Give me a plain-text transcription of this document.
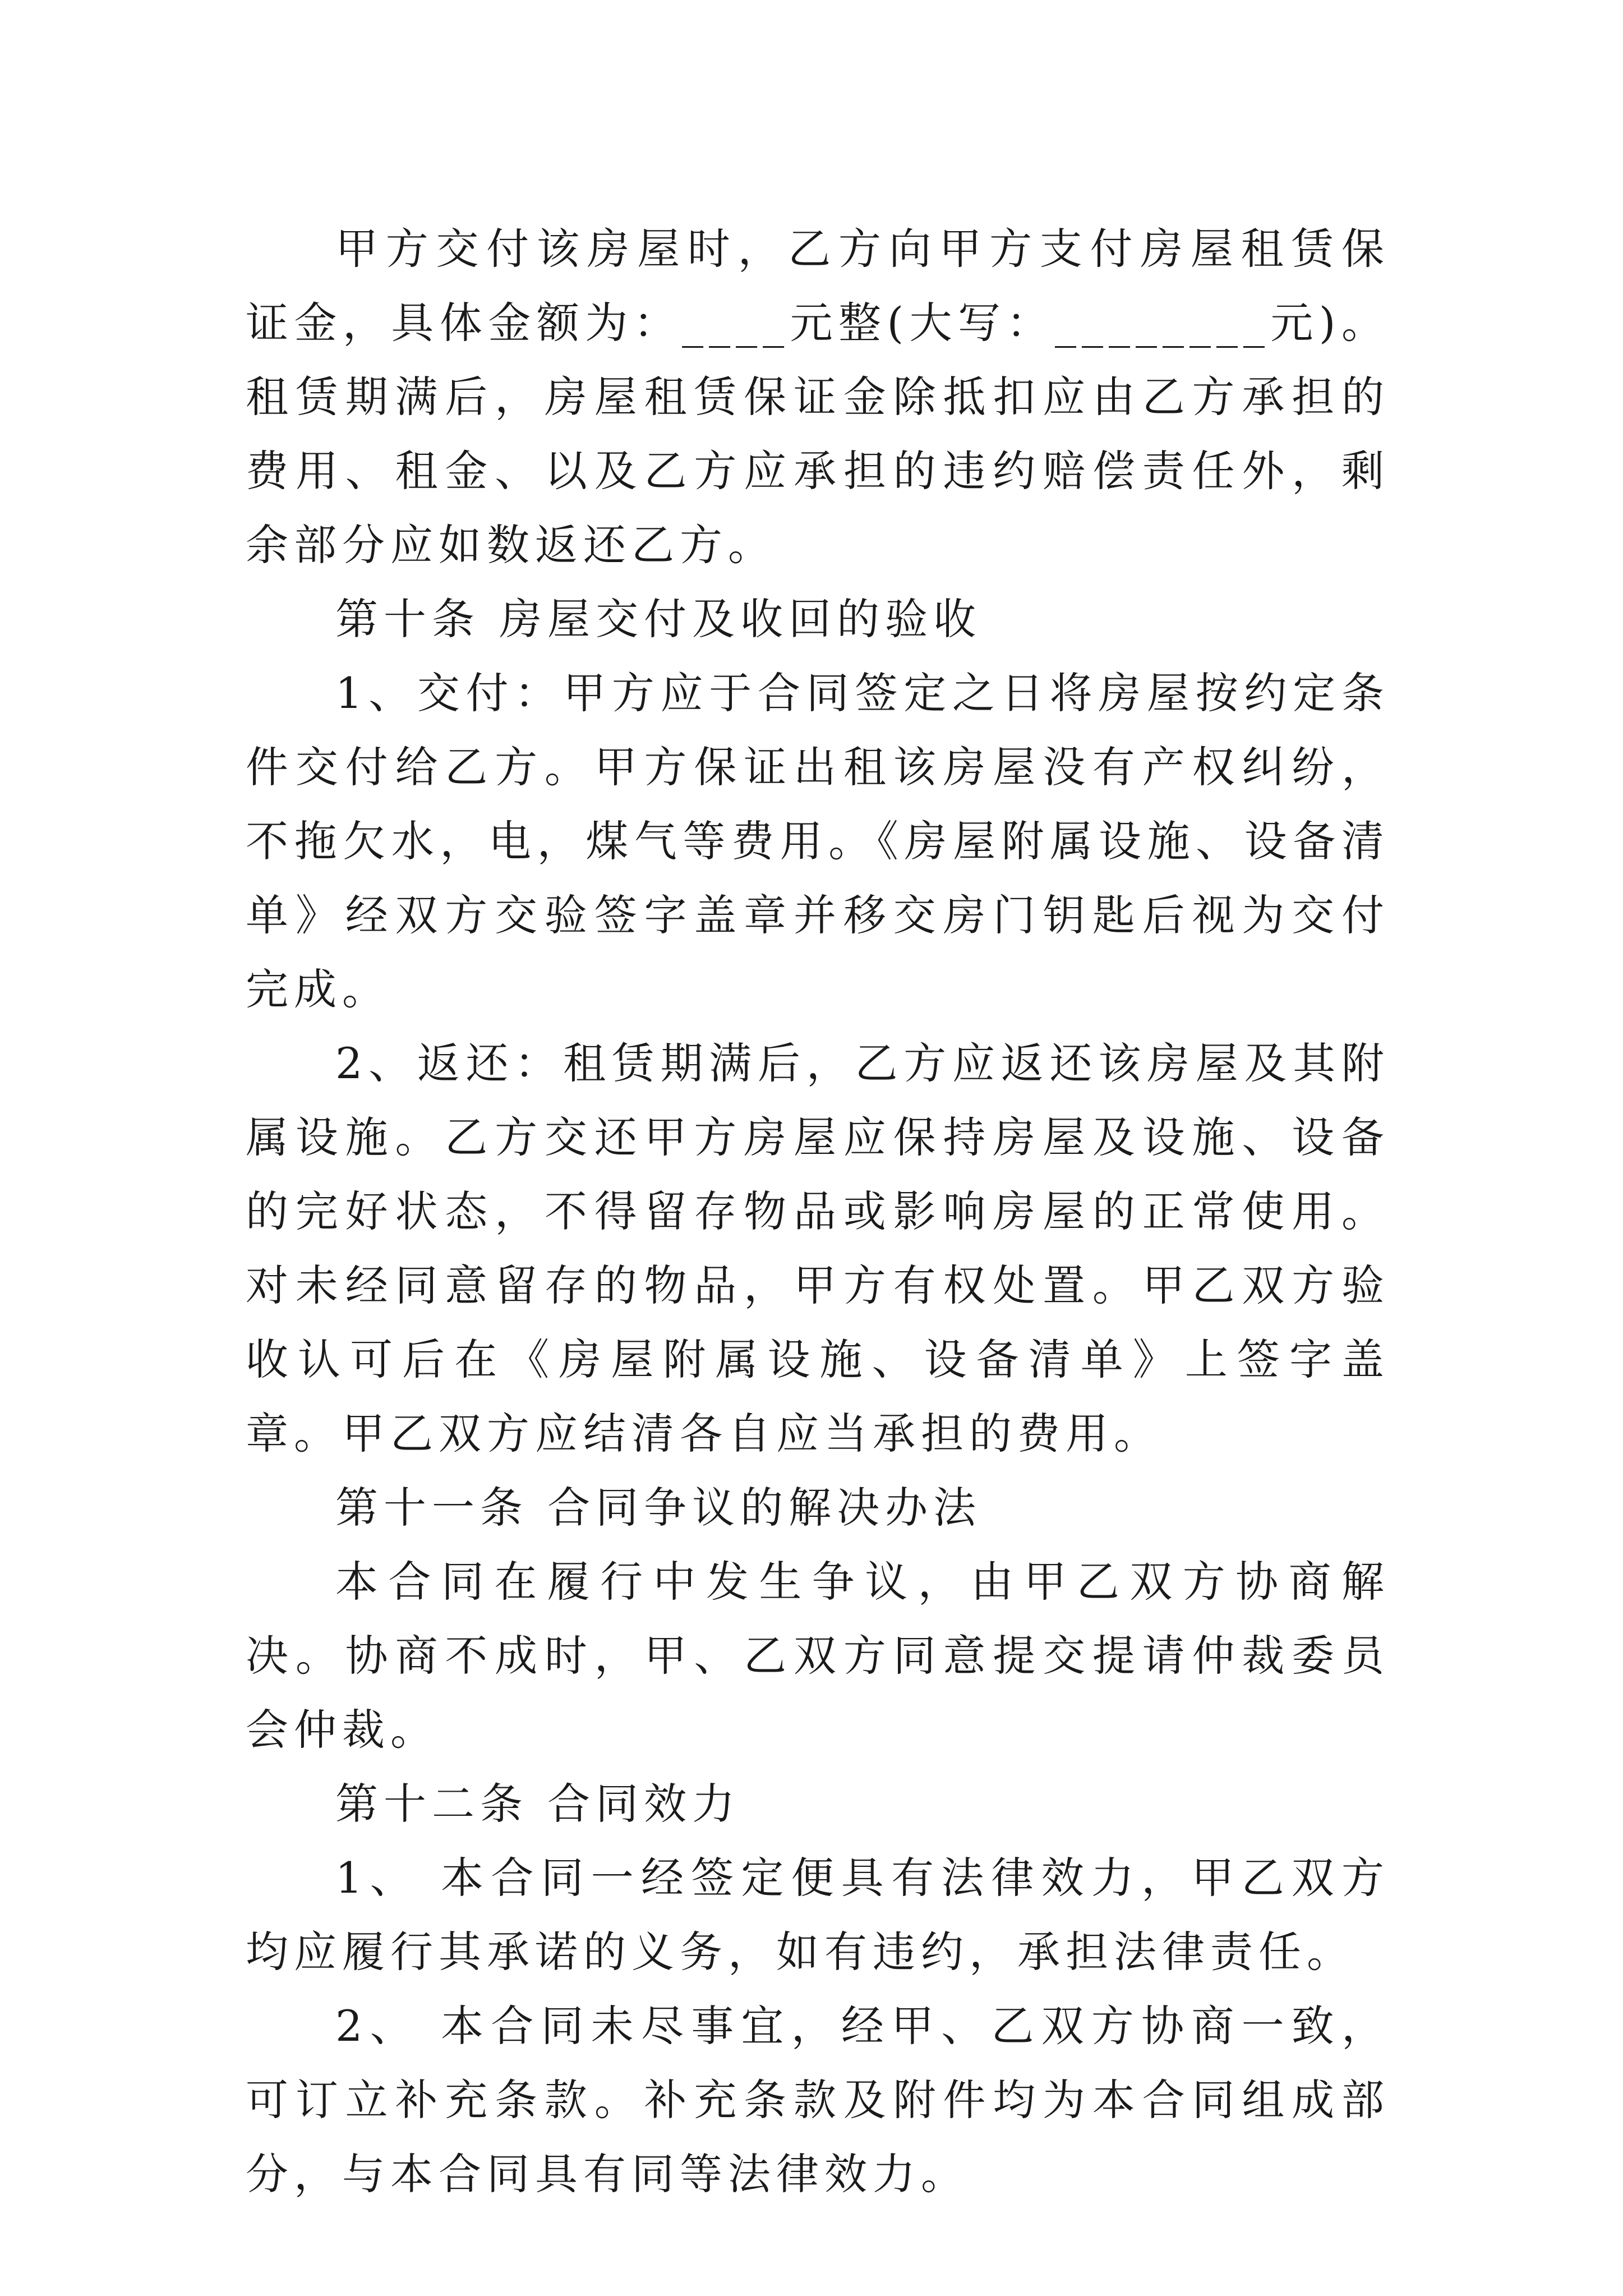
甲方交付该房屋时，乙方向甲方支付房屋租赁保证金，具体金额为：____元整(大写：________元)。租赁期满后，房屋租赁保证金除抵扣应由乙方承担的费用、租金、以及乙方应承担的违约赔偿责任外，剩余部分应如数返还乙方。

第十条 房屋交付及收回的验收

1、交付：甲方应于合同签定之日将房屋按约定条件交付给乙方。甲方保证出租该房屋没有产权纠纷，不拖欠水，电，煤气等费用。《房屋附属设施、设备清单》经双方交验签字盖章并移交房门钥匙后视为交付完成。

2、返还：租赁期满后，乙方应返还该房屋及其附属设施。乙方交还甲方房屋应保持房屋及设施、设备的完好状态，不得留存物品或影响房屋的正常使用。对未经同意留存的物品，甲方有权处置。甲乙双方验收认可后在《房屋附属设施、设备清单》上签字盖章。甲乙双方应结清各自应当承担的费用。

第十一条 合同争议的解决办法

本合同在履行中发生争议，由甲乙双方协商解决。协商不成时，甲、乙双方同意提交提请仲裁委员会仲裁。

第十二条 合同效力

1、 本合同一经签定便具有法律效力，甲乙双方均应履行其承诺的义务，如有违约，承担法律责任。

2、 本合同未尽事宜，经甲、乙双方协商一致，可订立补充条款。补充条款及附件均为本合同组成部分，与本合同具有同等法律效力。
